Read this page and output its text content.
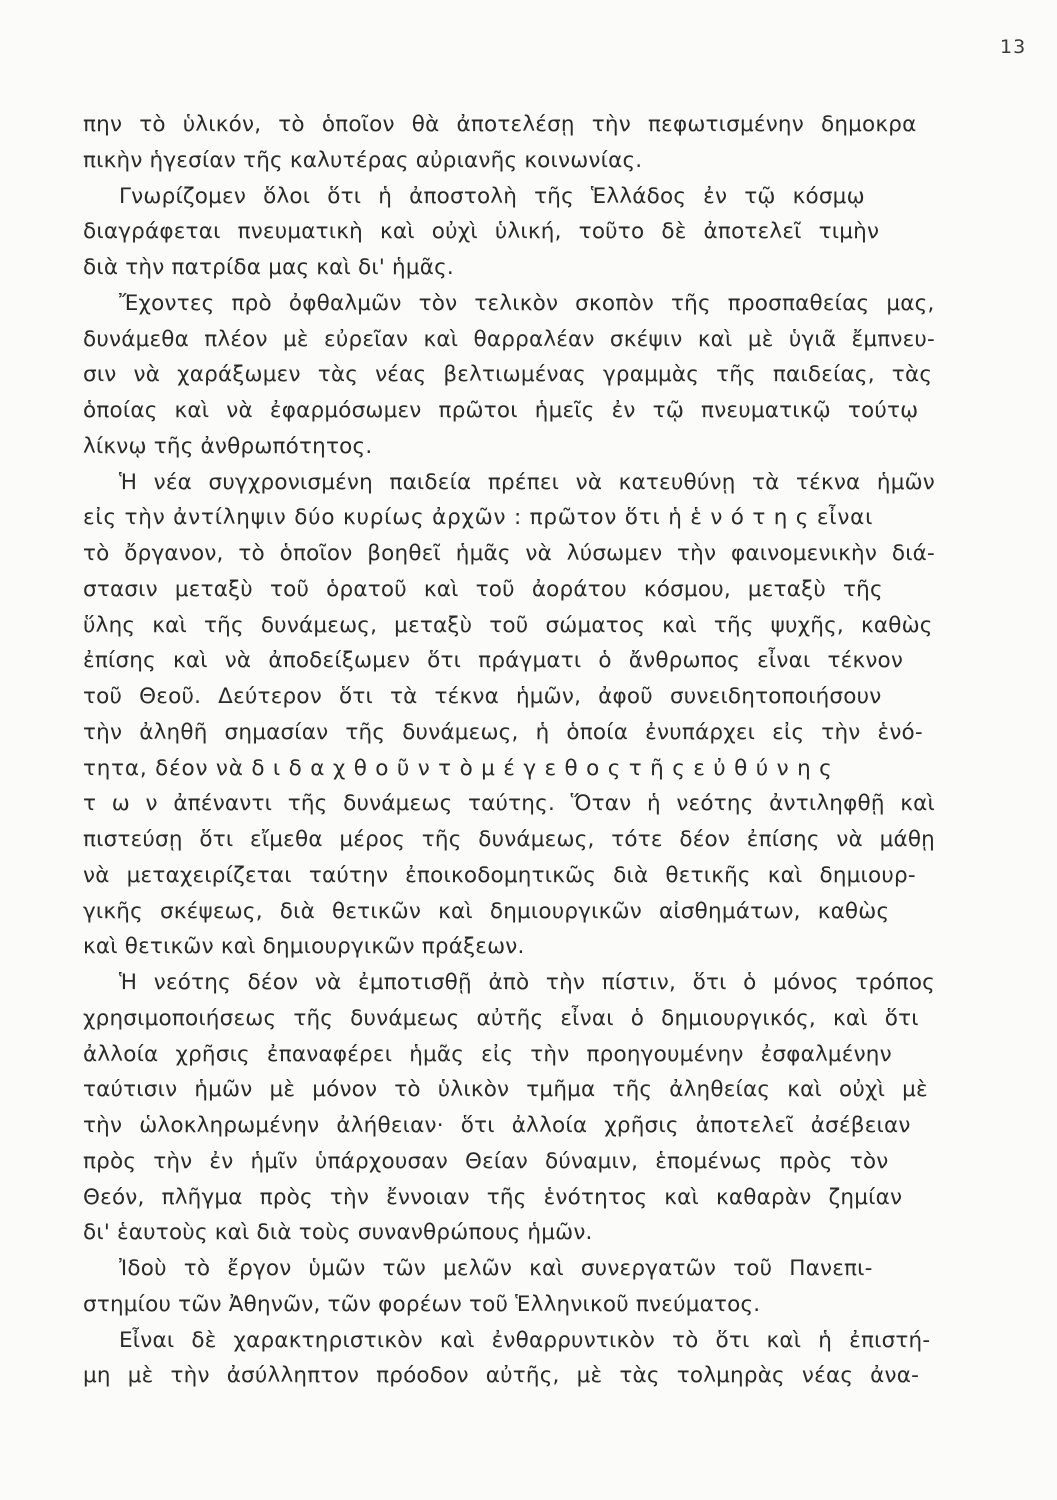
13
πην τὸ ὑλικόν, τὸ ὁποῖον θὰ ἀποτελέσῃ τὴν πεφωτισμένην δημοκρα
πικὴν ἡγεσίαν τῆς καλυτέρας αὐριανῆς κοινωνίας.
Γνωρίζομεν ὅλοι ὅτι ἡ ἀποστολὴ τῆς Ἑλλάδος ἐν τῷ κόσμῳ
διαγράφεται πνευματικὴ καὶ οὐχὶ ὑλική, τοῦτο δὲ ἀποτελεῖ τιμὴν
διὰ τὴν πατρίδα μας καὶ δι' ἡμᾶς.
Ἔχοντες πρὸ ὀφθαλμῶν τὸν τελικὸν σκοπὸν τῆς προσπαθείας μας,
δυνάμεθα πλέον μὲ εὐρεῖαν καὶ θαρραλέαν σκέψιν καὶ μὲ ὑγιᾶ ἔμπνευ-
σιν νὰ χαράξωμεν τὰς νέας βελτιωμένας γραμμὰς τῆς παιδείας, τὰς
ὁποίας καὶ νὰ ἐφαρμόσωμεν πρῶτοι ἡμεῖς ἐν τῷ πνευματικῷ τούτῳ
λίκνῳ τῆς ἀνθρωπότητος.
Ἡ νέα συγχρονισμένη παιδεία πρέπει νὰ κατευθύνῃ τὰ τέκνα ἡμῶν
εἰς τὴν ἀντίληψιν δύο κυρίως ἀρχῶν : πρῶτον ὅτι ἡ ἑ ν ό τ η ς εἶναι
τὸ ὄργανον, τὸ ὁποῖον βοηθεῖ ἡμᾶς νὰ λύσωμεν τὴν φαινομενικὴν διά-
στασιν μεταξὺ τοῦ ὁρατοῦ καὶ τοῦ ἀοράτου κόσμου, μεταξὺ τῆς
ὕλης καὶ τῆς δυνάμεως, μεταξὺ τοῦ σώματος καὶ τῆς ψυχῆς, καθὼς
ἐπίσης καὶ νὰ ἀποδείξωμεν ὅτι πράγματι ὁ ἄνθρωπος εἶναι τέκνον
τοῦ Θεοῦ. Δεύτερον ὅτι τὰ τέκνα ἡμῶν, ἀφοῦ συνειδητοποιήσουν
τὴν ἀληθῆ σημασίαν τῆς δυνάμεως, ἡ ὁποία ἐνυπάρχει εἰς τὴν ἑνό-
τητα, δέον νὰ δ ι δ α χ θ ο ῦ ν τ ὸ μ έ γ ε θ ο ς τ ῆ ς ε ὐ θ ύ ν η ς
τ ω ν ἀπέναντι τῆς δυνάμεως ταύτης. Ὅταν ἡ νεότης ἀντιληφθῇ καὶ
πιστεύσῃ ὅτι εἴμεθα μέρος τῆς δυνάμεως, τότε δέον ἐπίσης νὰ μάθῃ
νὰ μεταχειρίζεται ταύτην ἐποικοδομητικῶς διὰ θετικῆς καὶ δημιουρ-
γικῆς σκέψεως, διὰ θετικῶν καὶ δημιουργικῶν αἰσθημάτων, καθὼς
καὶ θετικῶν καὶ δημιουργικῶν πράξεων.
Ἡ νεότης δέον νὰ ἐμποτισθῇ ἀπὸ τὴν πίστιν, ὅτι ὁ μόνος τρόπος
χρησιμοποιήσεως τῆς δυνάμεως αὐτῆς εἶναι ὁ δημιουργικός, καὶ ὅτι
ἀλλοία χρῆσις ἐπαναφέρει ἡμᾶς εἰς τὴν προηγουμένην ἐσφαλμένην
ταύτισιν ἡμῶν μὲ μόνον τὸ ὑλικὸν τμῆμα τῆς ἀληθείας καὶ οὐχὶ μὲ
τὴν ὡλοκληρωμένην ἀλήθειαν· ὅτι ἀλλοία χρῆσις ἀποτελεῖ ἀσέβειαν
πρὸς τὴν ἐν ἡμῖν ὑπάρχουσαν Θείαν δύναμιν, ἑπομένως πρὸς τὸν
Θεόν, πλῆγμα πρὸς τὴν ἔννοιαν τῆς ἑνότητος καὶ καθαρὰν ζημίαν
δι' ἑαυτοὺς καὶ διὰ τοὺς συνανθρώπους ἡμῶν.
Ἰδοὺ τὸ ἔργον ὑμῶν τῶν μελῶν καὶ συνεργατῶν τοῦ Πανεπι-
στημίου τῶν Ἀθηνῶν, τῶν φορέων τοῦ Ἑλληνικοῦ πνεύματος.
Εἶναι δὲ χαρακτηριστικὸν καὶ ἐνθαρρυντικὸν τὸ ὅτι καὶ ἡ ἐπιστή-
μη μὲ τὴν ἀσύλληπτον πρόοδον αὐτῆς, μὲ τὰς τολμηρὰς νέας ἀνα-
